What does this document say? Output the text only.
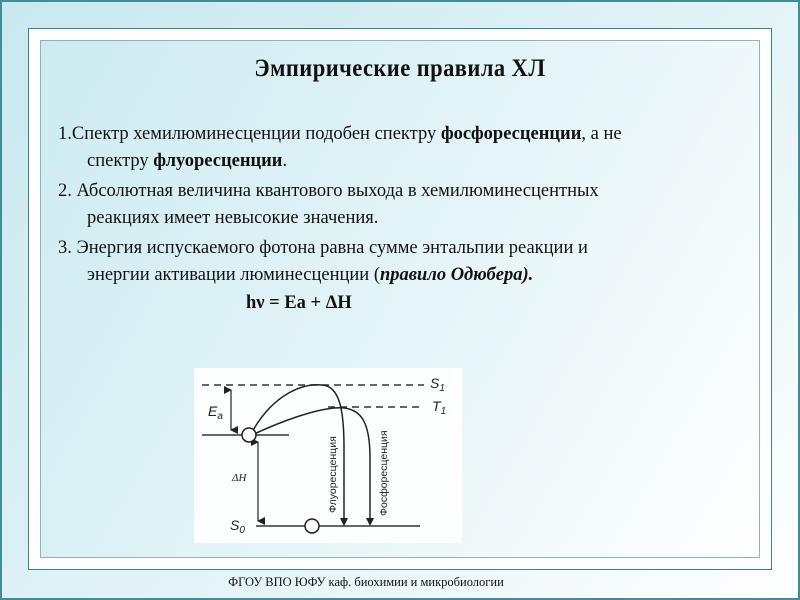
Эмпирические правила ХЛ
1.Спектр хемилюминесценции подобен спектру фосфоресценции, а не
спектру флуоресценции.
2. Абсолютная величина квантового выхода в хемилюминесцентных
реакциях имеет невысокие значения.
3. Энергия испускаемого фотона равна сумме энтальпии реакции и
энергии активации люминесценции (правило Одюбера).
hν = Ea + ΔH
$S_1$
$T_1$
$E_a$
ΔH
$S_0$
Флуоресценция	Фосфоресценция
ФГОУ ВПО ЮФУ каф. биохимии и микробиологии
